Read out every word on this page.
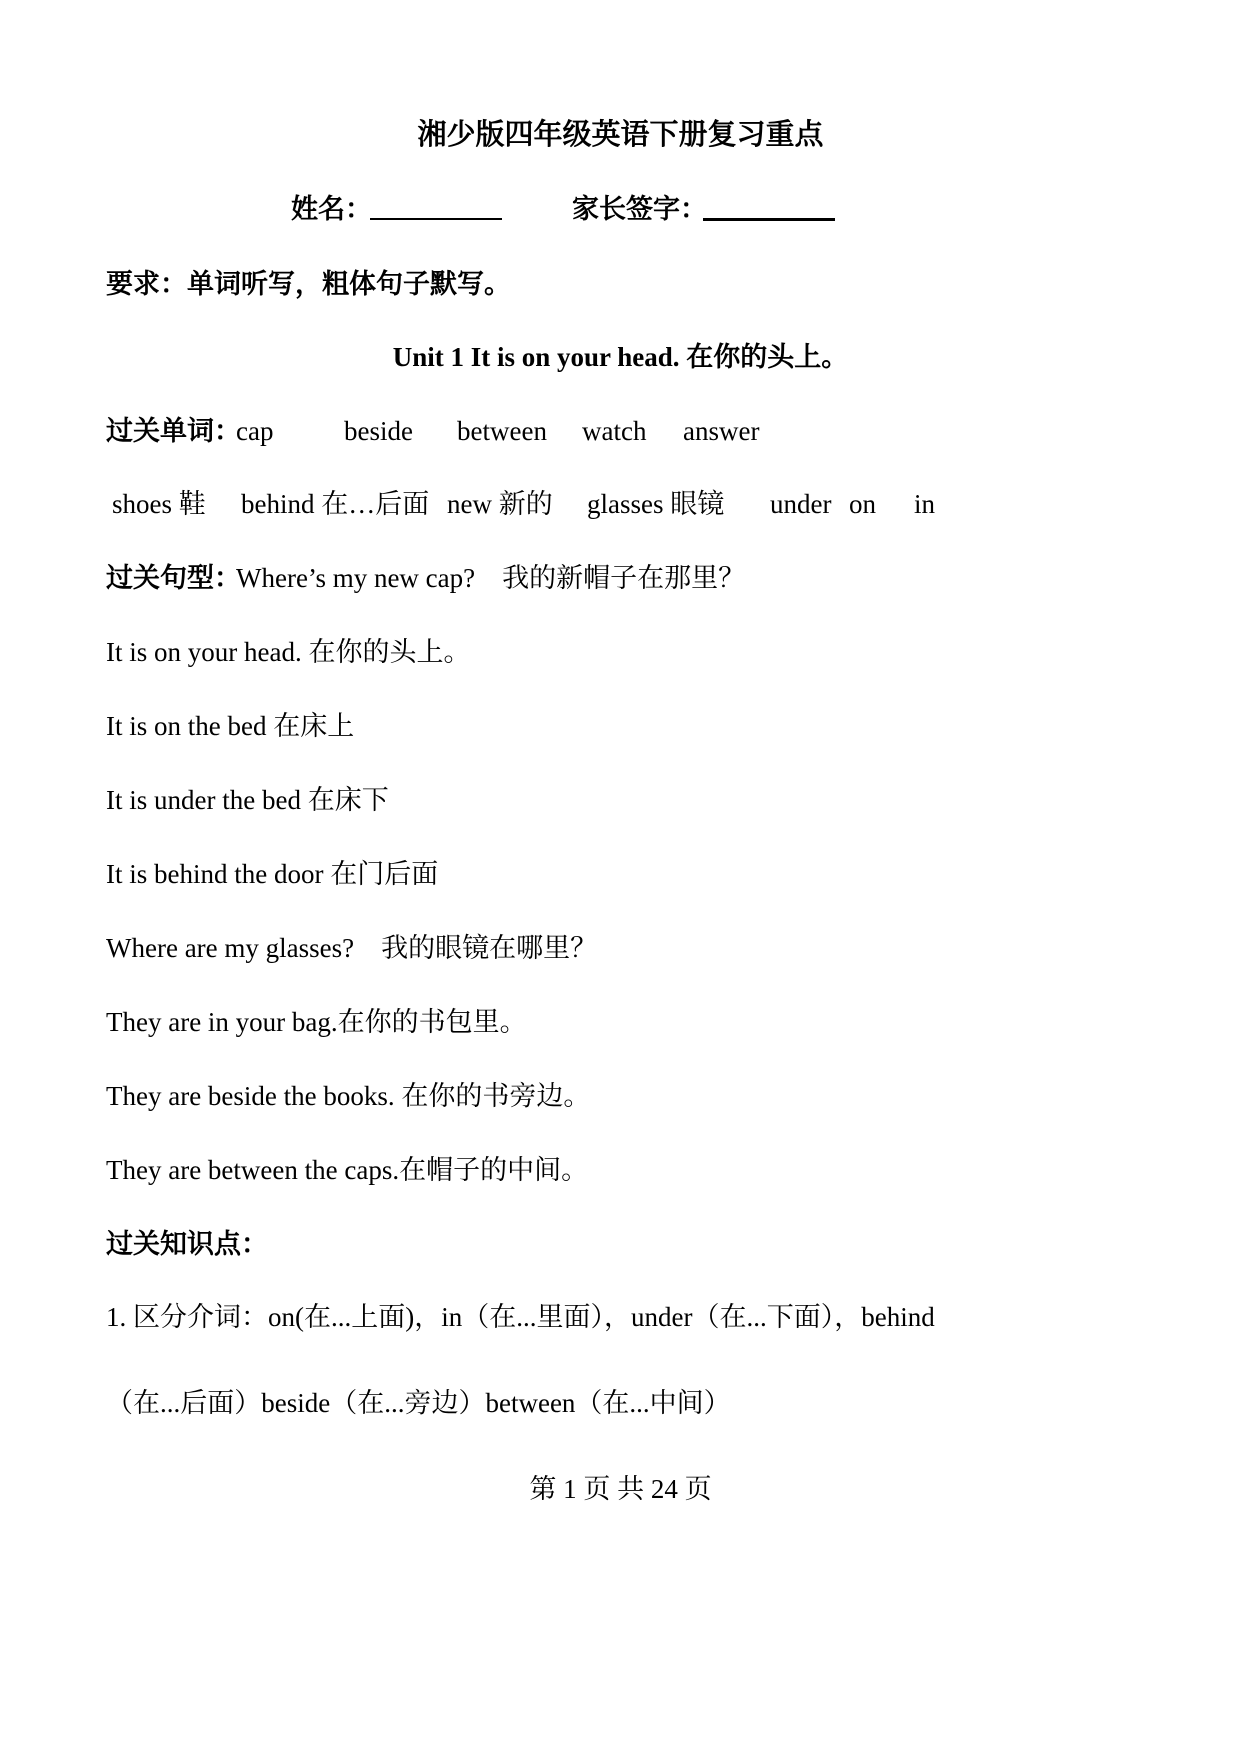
湘少版四年级英语下册复习重点
姓名：	家长签字：
要求：单词听写，粗体句子默写。
Unit 1 It is on your head. 在你的头上。
过关单词：
cap	beside between watch answer
shoes 鞋 behind 在…后面 new 新的 glasses 眼镜 under on in
过关句型：
Where’s my new cap?　我的新帽子在那里？
It is on your head. 在你的头上。
It is on the bed 在床上
It is under the bed 在床下
It is behind the door 在门后面
Where are my glasses?　我的眼镜在哪里？
They are in your bag.在你的书包里。
They are beside the books. 在你的书旁边。
They are between the caps.在帽子的中间。
过关知识点：
1. 区分介词：on(在...上面)，in（在...里面），under（在...下面），behind
（在...后面）beside（在...旁边）between（在...中间）
第 1 页 共 24 页
